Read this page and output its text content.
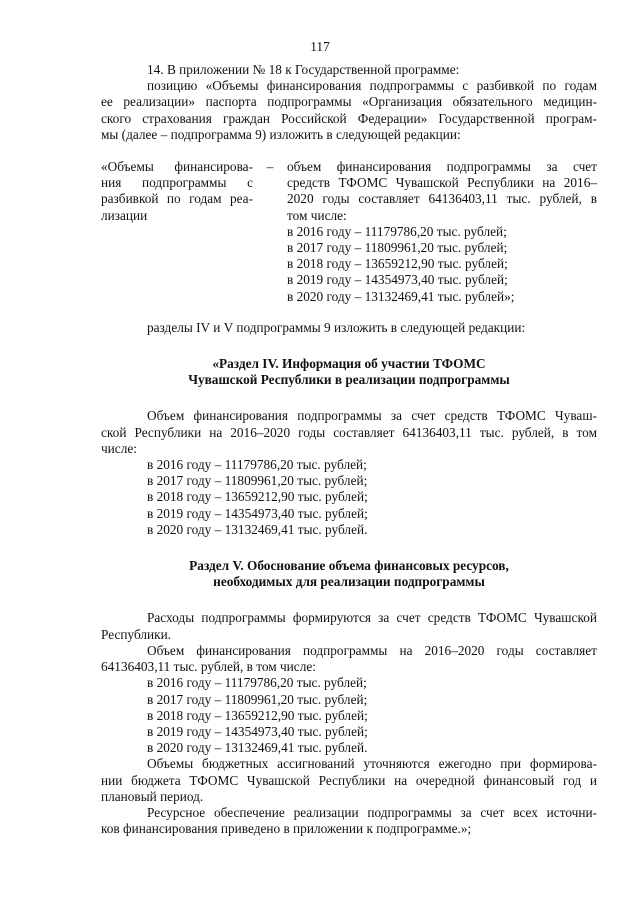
117
14. В приложении № 18 к Государственной программе:
позицию «Объемы финансирования подпрограммы с разбивкой по годам
ее реализации» паспорта подпрограммы «Организация обязательного медицин-
ского страхования граждан Российской Федерации» Государственной програм-
мы (далее – подпрограмма 9) изложить в следующей редакции:
«Объемы финансирова-
ния подпрограммы с
разбивкой по годам реа-
лизации
–	объем финансирования подпрограммы за счет
средств ТФОМС Чувашской Республики на 2016–
2020 годы составляет 64136403,11 тыс. рублей, в
том числе:
в 2016 году – 11179786,20 тыс. рублей;
в 2017 году – 11809961,20 тыс. рублей;
в 2018 году – 13659212,90 тыс. рублей;
в 2019 году – 14354973,40 тыс. рублей;
в 2020 году – 13132469,41 тыс. рублей»;
разделы IV и V подпрограммы 9 изложить в следующей редакции:
«Раздел IV. Информация об участии ТФОМС
Чувашской Республики в реализации подпрограммы
Объем финансирования подпрограммы за счет средств ТФОМС Чуваш-
ской Республики на 2016–2020 годы составляет 64136403,11 тыс. рублей, в том
числе:
в 2016 году – 11179786,20 тыс. рублей;
в 2017 году – 11809961,20 тыс. рублей;
в 2018 году – 13659212,90 тыс. рублей;
в 2019 году – 14354973,40 тыс. рублей;
в 2020 году – 13132469,41 тыс. рублей.
Раздел V. Обоснование объема финансовых ресурсов,
необходимых для реализации подпрограммы
Расходы подпрограммы формируются за счет средств ТФОМС Чувашской
Республики.
Объем финансирования подпрограммы на 2016–2020 годы составляет
64136403,11 тыс. рублей, в том числе:
в 2016 году – 11179786,20 тыс. рублей;
в 2017 году – 11809961,20 тыс. рублей;
в 2018 году – 13659212,90 тыс. рублей;
в 2019 году – 14354973,40 тыс. рублей;
в 2020 году – 13132469,41 тыс. рублей.
Объемы бюджетных ассигнований уточняются ежегодно при формирова-
нии бюджета ТФОМС Чувашской Республики на очередной финансовый год и
плановый период.
Ресурсное обеспечение реализации подпрограммы за счет всех источни-
ков финансирования приведено в приложении к подпрограмме.»;
